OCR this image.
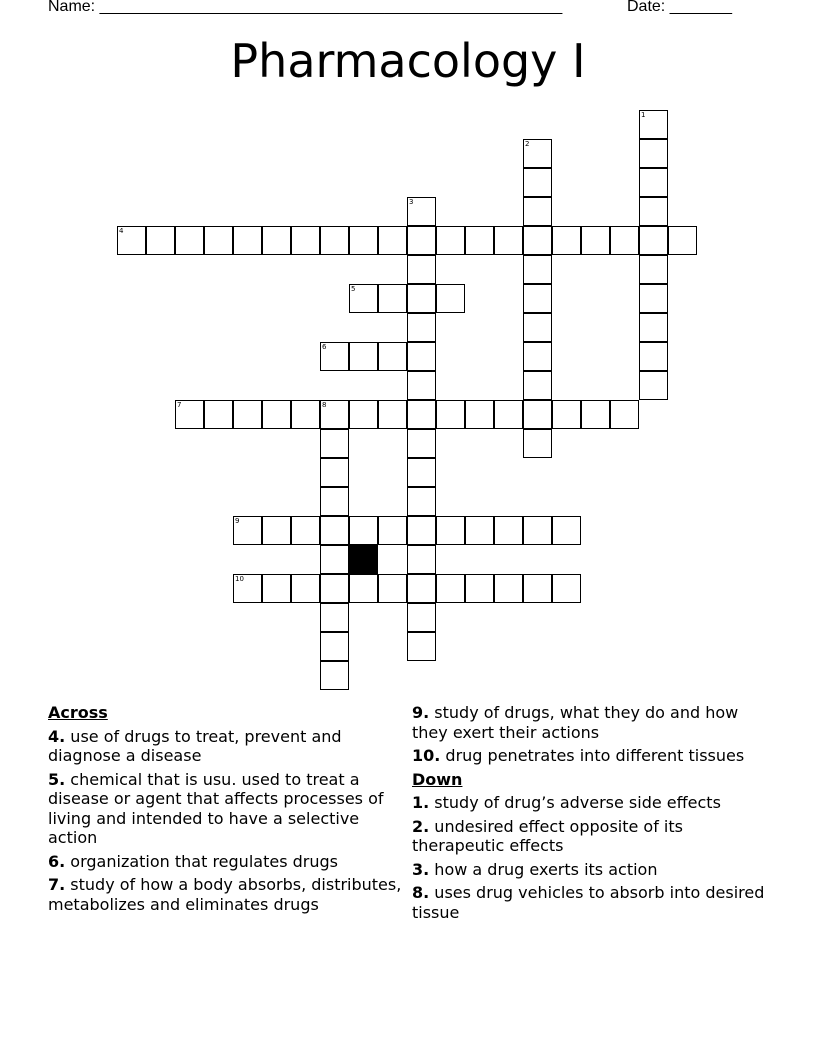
Name: ____________________________________________________	Date: _______
Pharmacology I
1
2
3
4
5
6
7	8
9
10
Across
4. use of drugs to treat, prevent and diagnose a disease
5. chemical that is usu. used to treat a disease or agent that affects processes of living and intended to have a selective action
6. organization that regulates drugs
7. study of how a body absorbs, distributes, metabolizes and eliminates drugs
9. study of drugs, what they do and how they exert their actions
10. drug penetrates into different tissues
Down
1. study of drug’s adverse side effects
2. undesired effect opposite of its therapeutic effects
3. how a drug exerts its action
8. uses drug vehicles to absorb into desired tissue
